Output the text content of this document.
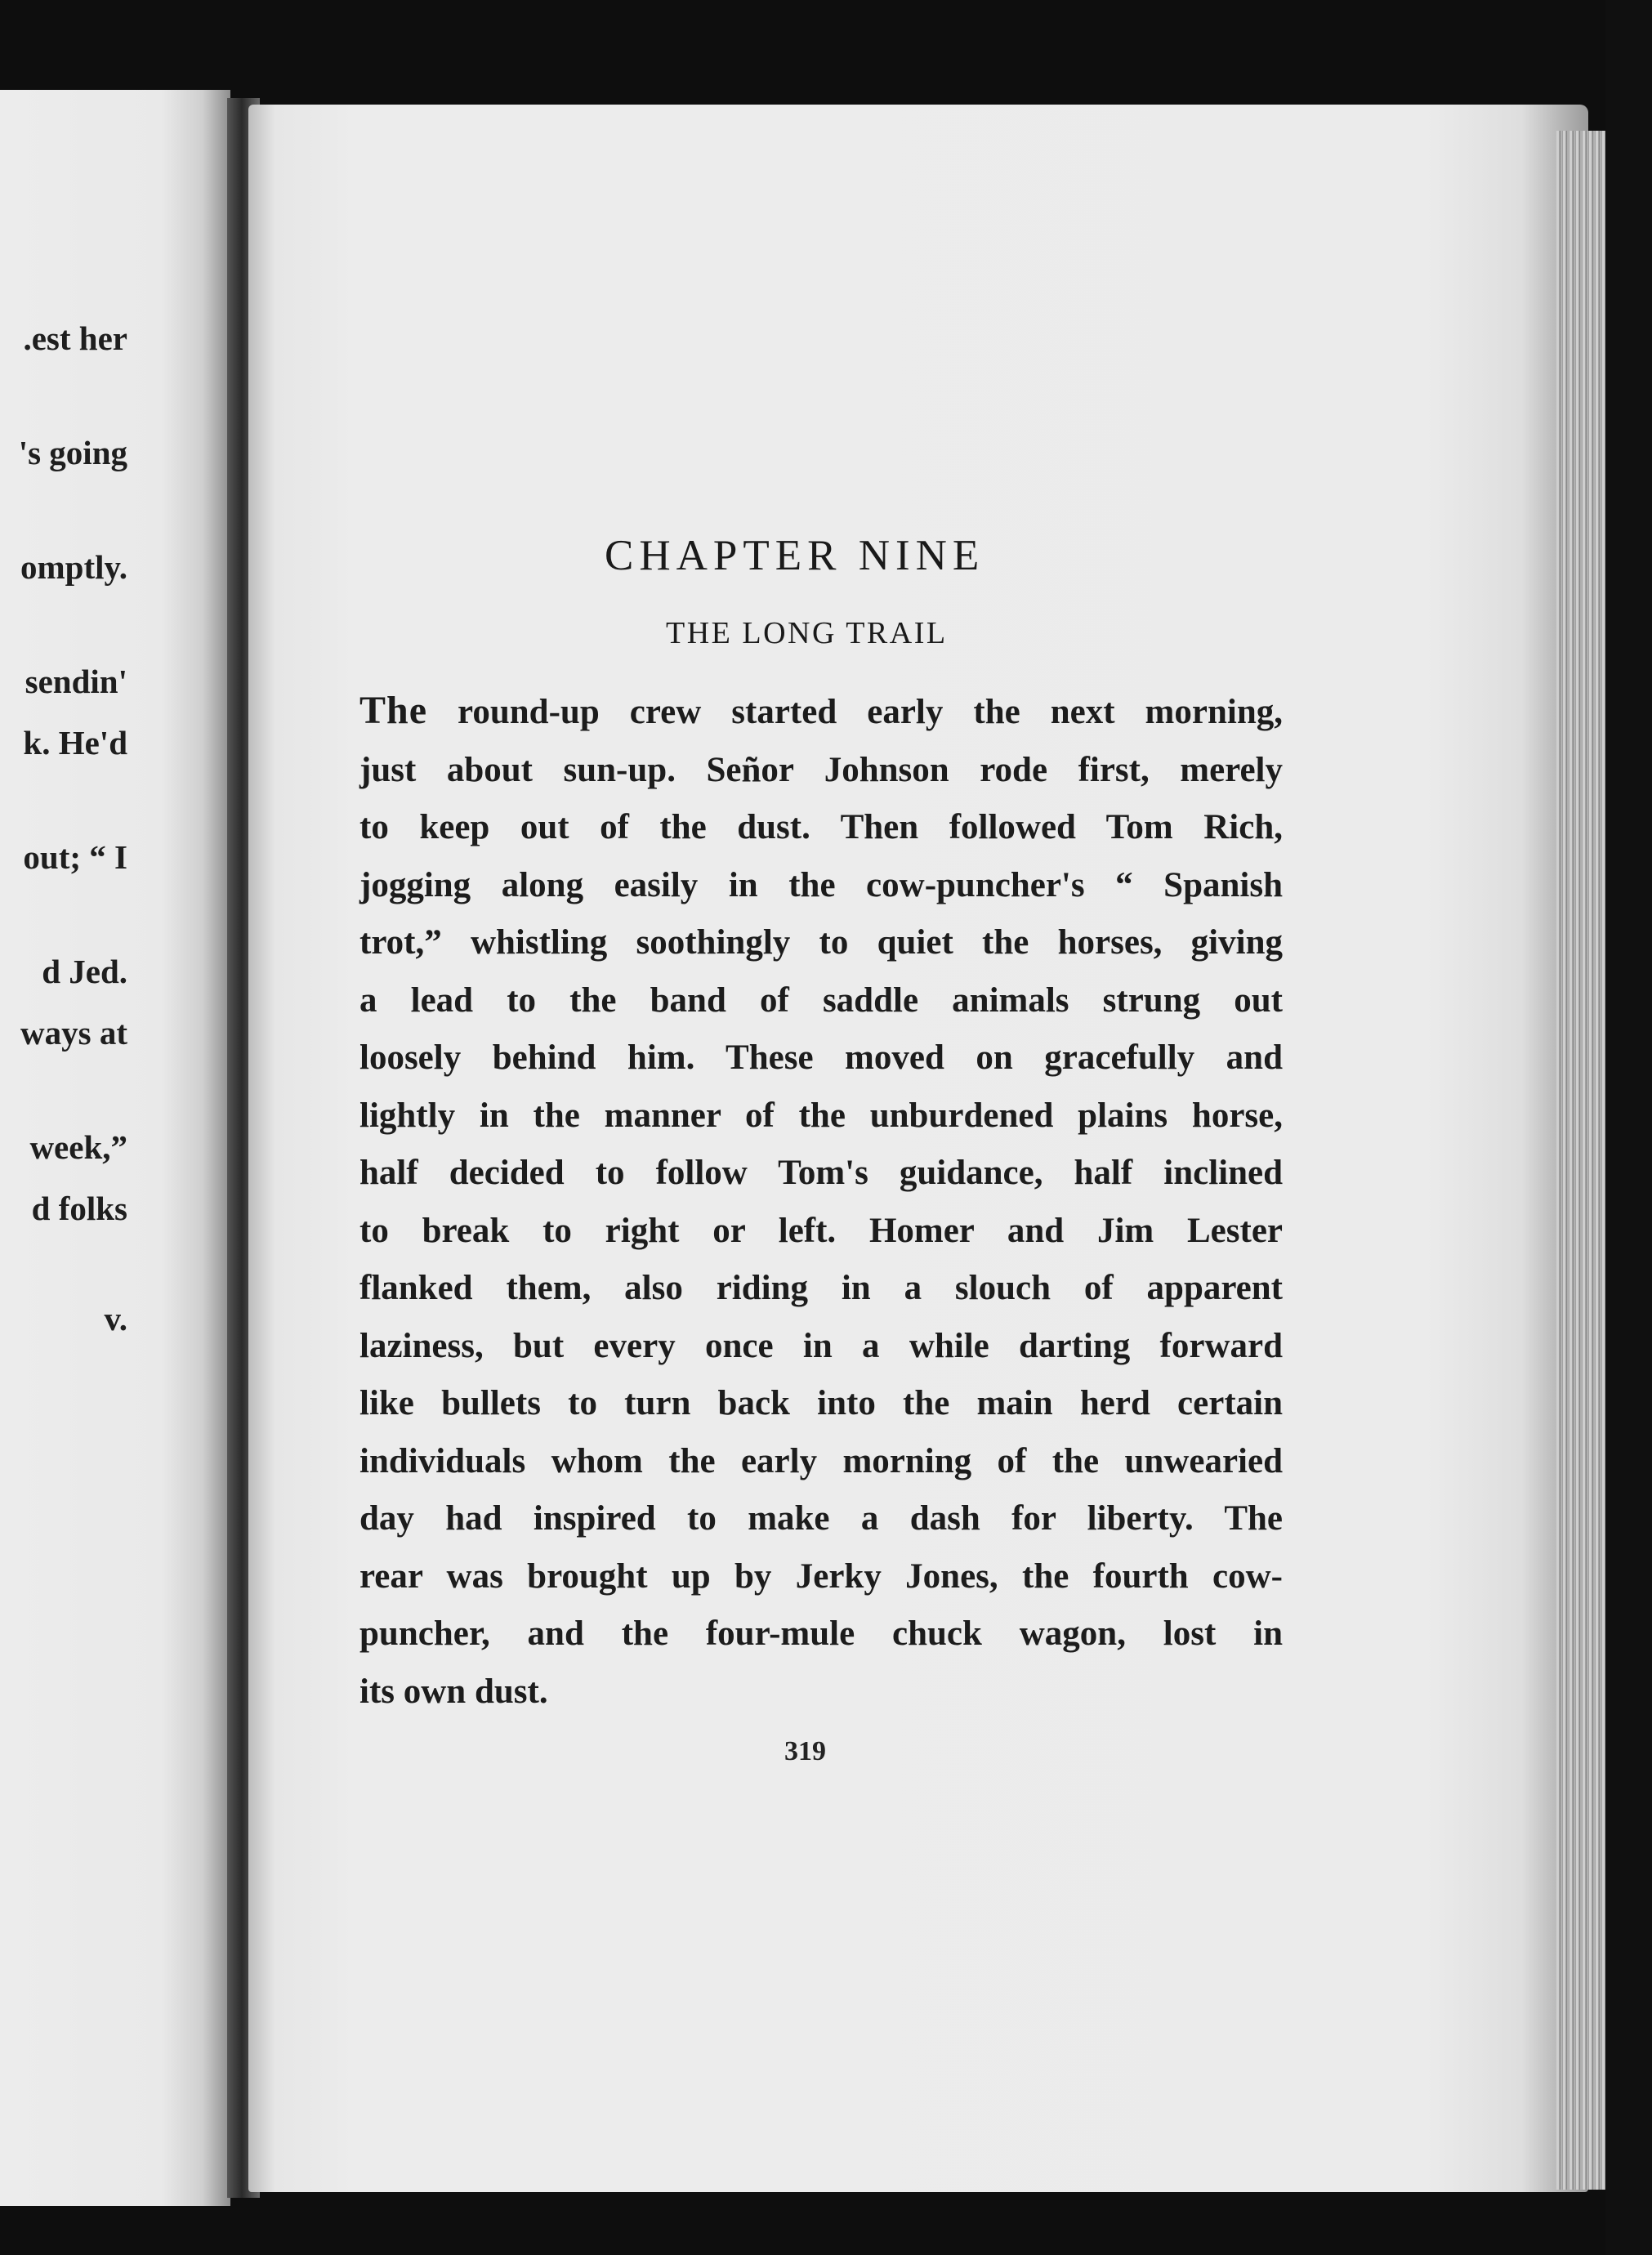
.est her
's going
omptly.
sendin'
k. He'd
out; “ I
d Jed.
ways at
week,”
d folks
v.
CHAPTER NINE
THE LONG TRAIL
The round-up crew started early the next morning,
just about sun-up. Señor Johnson rode first, merely
to keep out of the dust. Then followed Tom Rich,
jogging along easily in the cow-puncher's “ Spanish
trot,” whistling soothingly to quiet the horses, giving
a lead to the band of saddle animals strung out
loosely behind him. These moved on gracefully and
lightly in the manner of the unburdened plains horse,
half decided to follow Tom's guidance, half inclined
to break to right or left. Homer and Jim Lester
flanked them, also riding in a slouch of apparent
laziness, but every once in a while darting forward
like bullets to turn back into the main herd certain
individuals whom the early morning of the unwearied
day had inspired to make a dash for liberty. The
rear was brought up by Jerky Jones, the fourth cow-
puncher, and the four-mule chuck wagon, lost in
its own dust.
319
